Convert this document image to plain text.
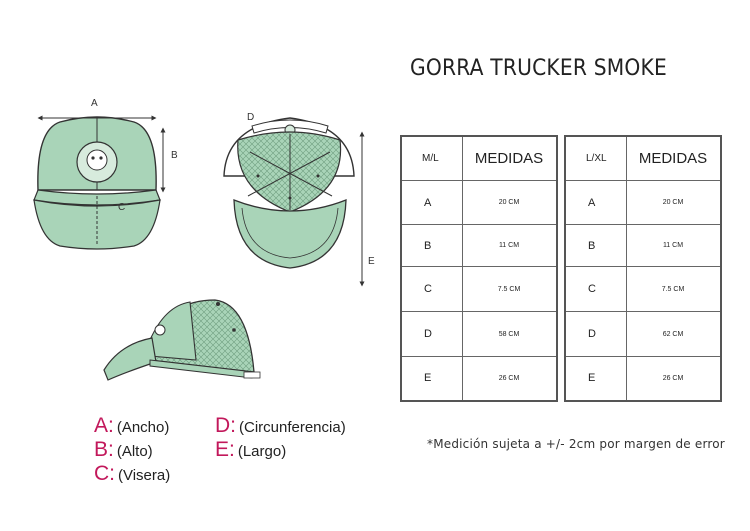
GORRA TRUCKER SMOKE
A
B
C
D
E
M/L	MEDIDAS
A	20 CM
B	11 CM
C	7.5 CM
D	58 CM
E	26 CM
L/XL	MEDIDAS
A	20 CM
B	11 CM
C	7.5 CM
D	62 CM
E	26 CM
A: (Ancho)
B: (Alto)
C: (Visera)
D: (Circunferencia)
E: (Largo)	*Medición sujeta a +/- 2cm por margen de error
